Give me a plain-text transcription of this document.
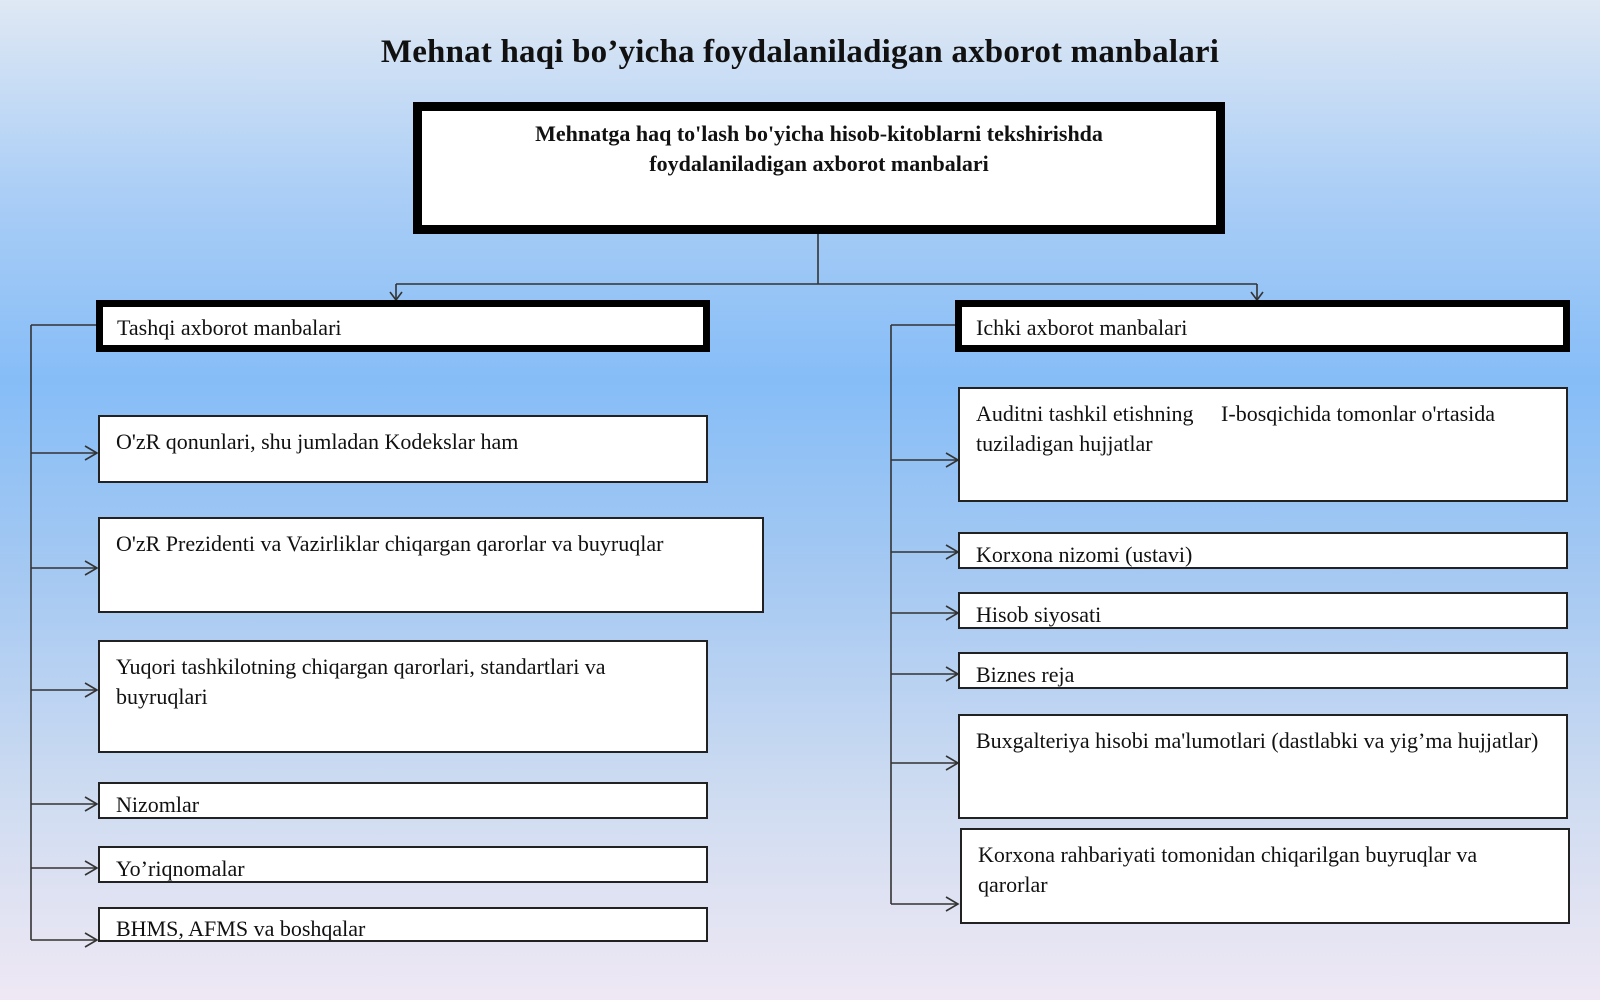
Mehnat haqi bo’yicha foydalaniladigan axborot manbalari
Mehnatga haq to'lash bo'yicha hisob-kitoblarni tekshirishda
foydalaniladigan axborot manbalari
Tashqi axborot manbalari
O'zR qonunlari, shu jumladan Kodekslar ham
O'zR Prezidenti va Vazirliklar chiqargan qarorlar va buyruqlar
Yuqori tashkilotning chiqargan qarorlari, standartlari va buyruqlari
Nizomlar
Yo’riqnomalar
BHMS, AFMS va boshqalar
Ichki axborot manbalari
Auditni tashkil etishning     I-bosqichida tomonlar o'rtasida tuziladigan hujjatlar
Korxona nizomi (ustavi)
Hisob siyosati
Biznes reja
Buxgalteriya hisobi ma'lumotlari (dastlabki va yig’ma hujjatlar)
Korxona rahbariyati tomonidan chiqarilgan buyruqlar va qarorlar
